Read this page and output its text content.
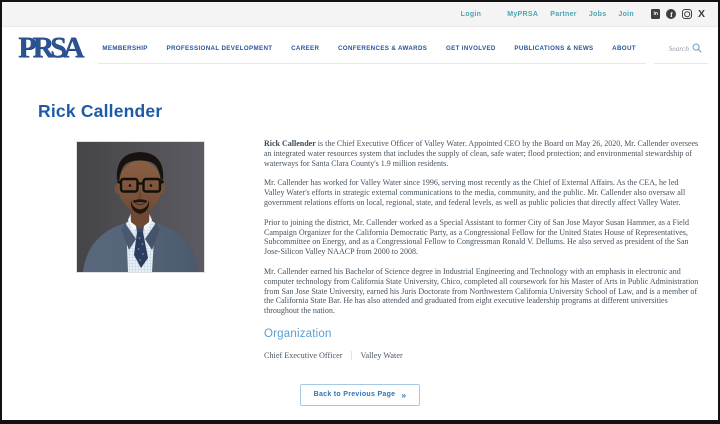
Login	MyPRSA Partner Jobs Join	in	f	X
PRSA	MEMBERSHIP	PROFESSIONAL DEVELOPMENT	CAREER	CONFERENCES & AWARDS	GET INVOLVED	PUBLICATIONS & NEWS	ABOUT
Search
Rick Callender

Rick Callender is the Chief Executive Officer of Valley Water. Appointed CEO by the Board on May 26, 2020, Mr. Callender oversees an integrated water resources system that includes the supply of clean, safe water; flood protection; and environmental stewardship of waterways for Santa Clara County's 1.9 million residents.

Mr. Callender has worked for Valley Water since 1996, serving most recently as the Chief of External Affairs. As the CEA, he led Valley Water's efforts in strategic external communications to the media, community, and the public. Mr. Callender also oversaw all government relations efforts on local, regional, state, and federal levels, as well as public policies that directly affect Valley Water.

Prior to joining the district, Mr. Callender worked as a Special Assistant to former City of San Jose Mayor Susan Hammer, as a Field Campaign Organizer for the California Democratic Party, as a Congressional Fellow for the United States House of Representatives, Subcommittee on Energy, and as a Congressional Fellow to Congressman Ronald V. Dellums. He also served as president of the San Jose-Silicon Valley NAACP from 2000 to 2008.

Mr. Callender earned his Bachelor of Science degree in Industrial Engineering and Technology with an emphasis in electronic and computer technology from California State University, Chico, completed all coursework for his Master of Arts in Public Administration from San Jose State University, earned his Juris Doctorate from Northwestern California University School of Law, and is a member of the California State Bar. He has also attended and graduated from eight executive leadership programs at different universities throughout the nation.

Organization
Chief Executive Officer | Valley Water
Back to Previous Page »
